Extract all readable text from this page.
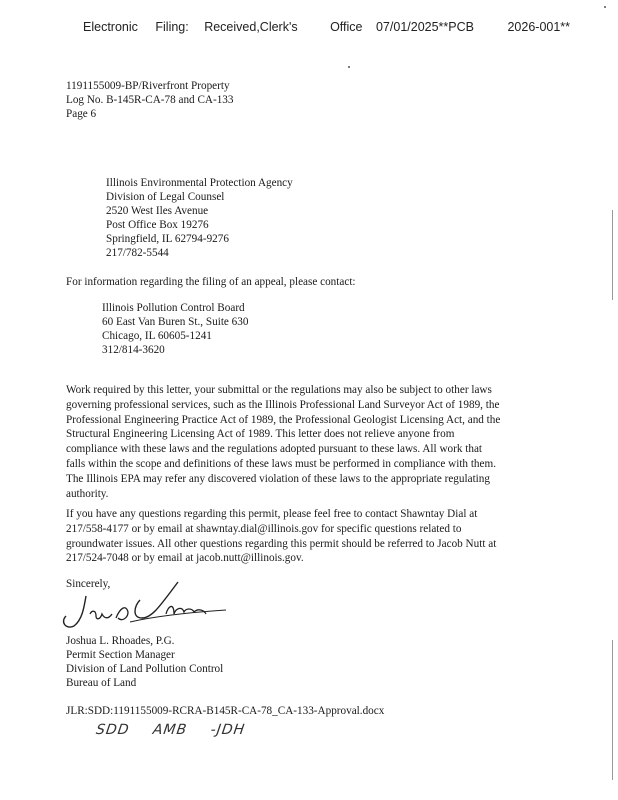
Electronic Filing: Received,Clerk's	Office 07/01/2025**PCB	2026-001**
1191155009-BP/Riverfront Property
Log No. B-145R-CA-78 and CA-133
Page 6
Illinois Environmental Protection Agency
Division of Legal Counsel
2520 West Iles Avenue
Post Office Box 19276
Springfield, IL 62794-9276
217/782-5544
For information regarding the filing of an appeal, please contact:
Illinois Pollution Control Board
60 East Van Buren St., Suite 630
Chicago, IL 60605-1241
312/814-3620
Work required by this letter, your submittal or the regulations may also be subject to other laws
governing professional services, such as the Illinois Professional Land Surveyor Act of 1989, the
Professional Engineering Practice Act of 1989, the Professional Geologist Licensing Act, and the
Structural Engineering Licensing Act of 1989. This letter does not relieve anyone from
compliance with these laws and the regulations adopted pursuant to these laws. All work that
falls within the scope and definitions of these laws must be performed in compliance with them.
The Illinois EPA may refer any discovered violation of these laws to the appropriate regulating
authority.
If you have any questions regarding this permit, please feel free to contact Shawntay Dial at
217/558-4177 or by email at shawntay.dial@illinois.gov for specific questions related to
groundwater issues. All other questions regarding this permit should be referred to Jacob Nutt at
217/524-7048 or by email at jacob.nutt@illinois.gov.
Sincerely,
Joshua L. Rhoades, P.G.
Permit Section Manager
Division of Land Pollution Control
Bureau of Land
JLR:SDD:1191155009-RCRA-B145R-CA-78_CA-133-Approval.docx
SDD AMB -JDH
